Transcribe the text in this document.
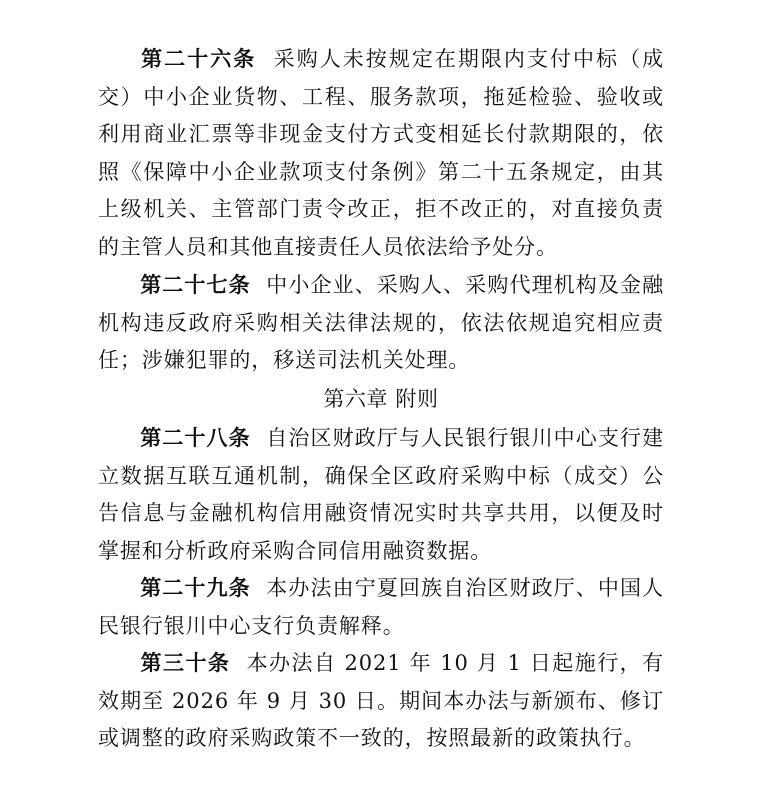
第二十六条 采购人未按规定在期限内支付中标（成交）中小企业货物、工程、服务款项，拖延检验、验收或利用商业汇票等非现金支付方式变相延长付款期限的，依照《保障中小企业款项支付条例》第二十五条规定，由其上级机关、主管部门责令改正，拒不改正的，对直接负责的主管人员和其他直接责任人员依法给予处分。

第二十七条 中小企业、采购人、采购代理机构及金融机构违反政府采购相关法律法规的，依法依规追究相应责任；涉嫌犯罪的，移送司法机关处理。

第六章 附则

第二十八条 自治区财政厅与人民银行银川中心支行建立数据互联互通机制，确保全区政府采购中标（成交）公告信息与金融机构信用融资情况实时共享共用，以便及时掌握和分析政府采购合同信用融资数据。

第二十九条 本办法由宁夏回族自治区财政厅、中国人民银行银川中心支行负责解释。

第三十条 本办法自 2021 年 10 月 1 日起施行，有效期至 2026 年 9 月 30 日。期间本办法与新颁布、修订或调整的政府采购政策不一致的，按照最新的政策执行。
